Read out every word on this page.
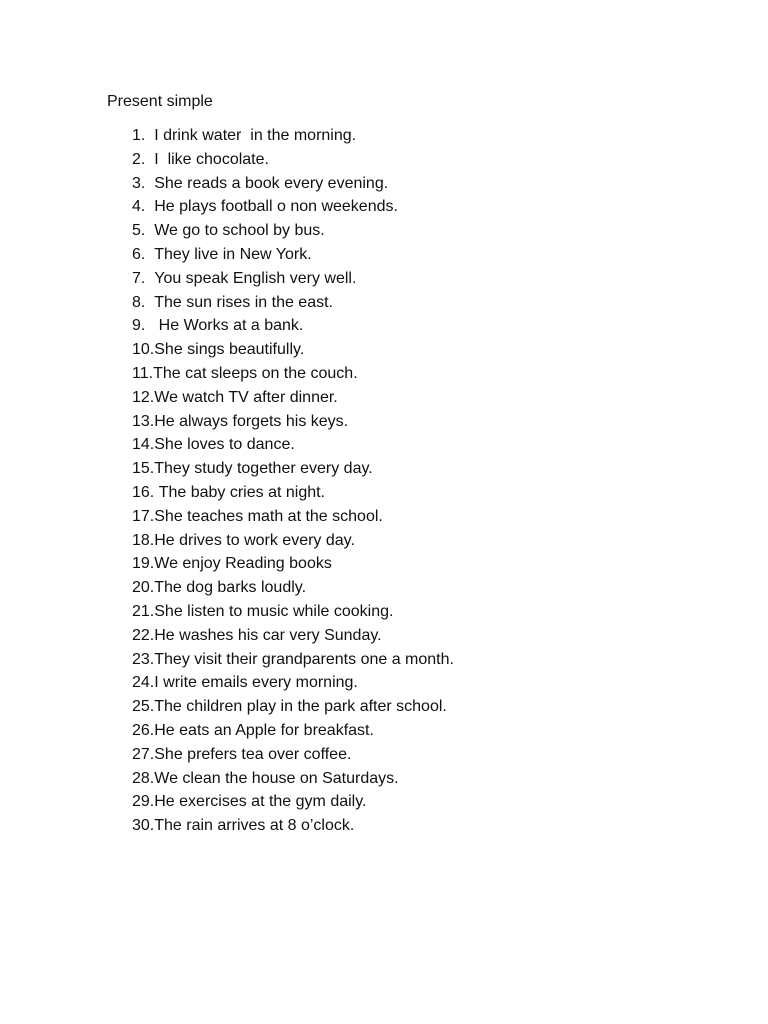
Present simple
1. I drink water  in the morning.
2. I  like chocolate.
3. She reads a book every evening.
4. He plays football o non weekends.
5. We go to school by bus.
6. They live in New York.
7. You speak English very well.
8. The sun rises in the east.
9. He Works at a bank.
10. She sings beautifully.
11. The cat sleeps on the couch.
12. We watch TV after dinner.
13. He always forgets his keys.
14. She loves to dance.
15. They study together every day.
16. The baby cries at night.
17. She teaches math at the school.
18. He drives to work every day.
19. We enjoy Reading books
20. The dog barks loudly.
21. She listen to music while cooking.
22. He washes his car very Sunday.
23. They visit their grandparents one a month.
24. I write emails every morning.
25. The children play in the park after school.
26. He eats an Apple for breakfast.
27. She prefers tea over coffee.
28. We clean the house on Saturdays.
29. He exercises at the gym daily.
30. The rain arrives at 8 o’clock.
